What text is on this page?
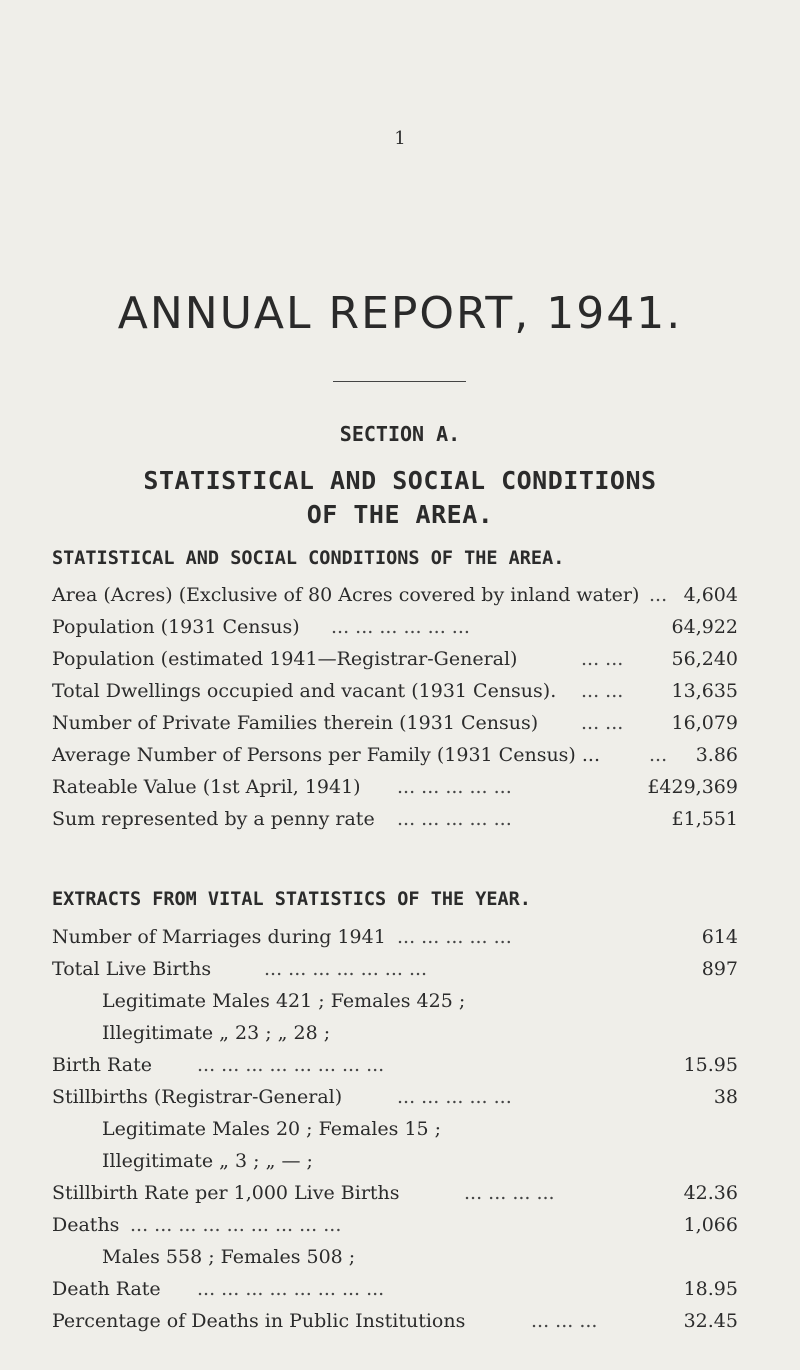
1
ANNUAL REPORT, 1941.
SECTION A.
STATISTICAL AND SOCIAL CONDITIONS
OF THE AREA.
STATISTICAL AND SOCIAL CONDITIONS OF THE AREA.
Area (Acres) (Exclusive of 80 Acres covered by inland water) ... 4,604
Population (1931 Census) ... ... ... ... ... ...	64,922
Population (estimated 1941—Registrar-General)	... ...	56,240
Total Dwellings occupied and vacant (1931 Census). ... ...	13,635
Number of Private Families therein (1931 Census) ... ...	16,079
Average Number of Persons per Family (1931 Census) ...	... 3.86
Rateable Value (1st April, 1941) ... ... ... ... ...	£429,369
Sum represented by a penny rate ... ... ... ... ...	£1,551
EXTRACTS FROM VITAL STATISTICS OF THE YEAR.
Number of Marriages during 1941 ... ... ... ... ...	614
Total Live Births	... ... ... ... ... ... ...	897
Legitimate Males 421 ; Females 425 ;
Illegitimate „ 23 ; „ 28 ;
Birth Rate ... ... ... ... ... ... ... ...	15.95
Stillbirths (Registrar-General)	... ... ... ... ...	38
Legitimate Males 20 ; Females 15 ;
Illegitimate „ 3 ; „ — ;
Stillbirth Rate per 1,000 Live Births	... ... ... ...	42.36
Deaths ... ... ... ... ... ... ... ... ...	1,066
Males 558 ; Females 508 ;
Death Rate ... ... ... ... ... ... ... ...	18.95
Percentage of Deaths in Public Institutions	... ... ...	32.45
